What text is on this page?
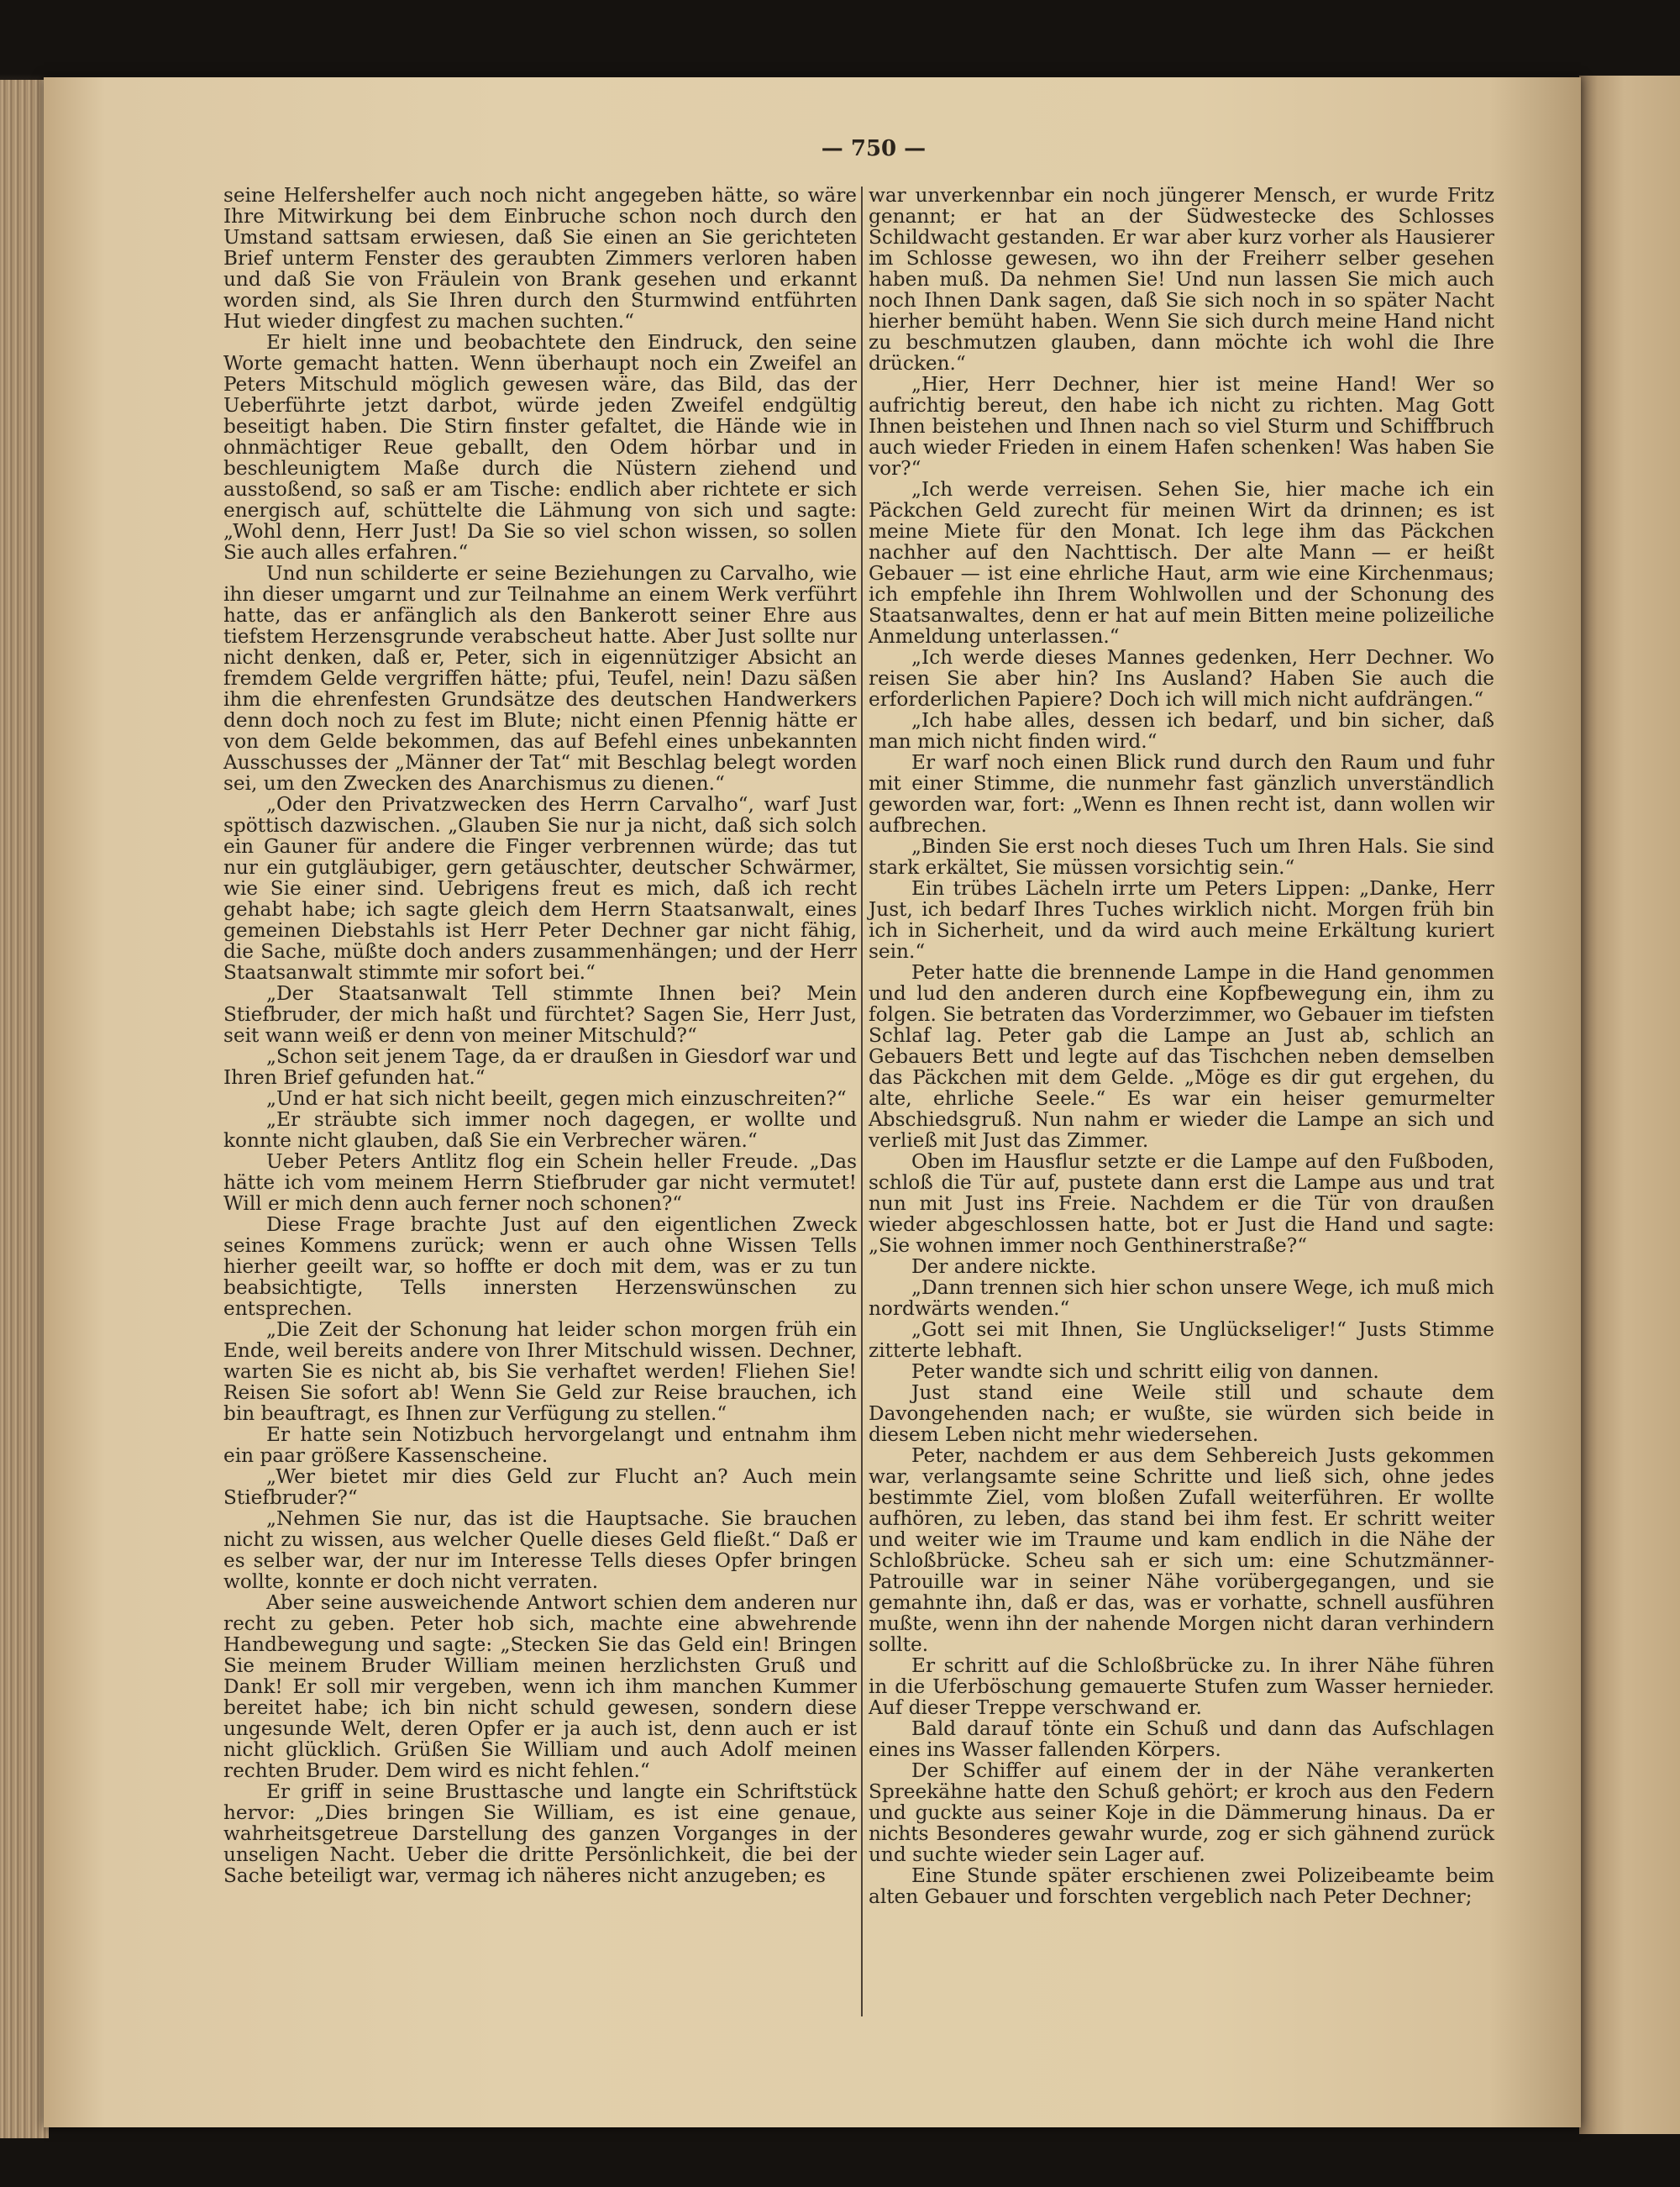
— 750 —

seine Helfershelfer auch noch nicht angegeben hätte, so wäre Ihre Mitwirkung bei dem Einbruche schon noch durch den Umstand sattsam erwiesen, daß Sie einen an Sie gerichteten Brief unterm Fenster des geraubten Zimmers verloren haben und daß Sie von Fräulein von Brank gesehen und erkannt worden sind, als Sie Ihren durch den Sturmwind entführten Hut wieder dingfest zu machen suchten.“

Er hielt inne und beobachtete den Eindruck, den seine Worte gemacht hatten. Wenn überhaupt noch ein Zweifel an Peters Mitschuld möglich gewesen wäre, das Bild, das der Ueberführte jetzt darbot, würde jeden Zweifel endgültig beseitigt haben. Die Stirn finster gefaltet, die Hände wie in ohnmächtiger Reue geballt, den Odem hörbar und in beschleunigtem Maße durch die Nüstern ziehend und ausstoßend, so saß er am Tische: endlich aber richtete er sich energisch auf, schüttelte die Lähmung von sich und sagte: „Wohl denn, Herr Just! Da Sie so viel schon wissen, so sollen Sie auch alles erfahren.“

Und nun schilderte er seine Beziehungen zu Carvalho, wie ihn dieser umgarnt und zur Teilnahme an einem Werk verführt hatte, das er anfänglich als den Bankerott seiner Ehre aus tiefstem Herzensgrunde verabscheut hatte. Aber Just sollte nur nicht denken, daß er, Peter, sich in eigennütziger Absicht an fremdem Gelde vergriffen hätte; pfui, Teufel, nein! Dazu säßen ihm die ehrenfesten Grundsätze des deutschen Handwerkers denn doch noch zu fest im Blute; nicht einen Pfennig hätte er von dem Gelde bekommen, das auf Befehl eines unbekannten Ausschusses der „Männer der Tat“ mit Beschlag belegt worden sei, um den Zwecken des Anarchismus zu dienen.“

„Oder den Privatzwecken des Herrn Carvalho“, warf Just spöttisch dazwischen. „Glauben Sie nur ja nicht, daß sich solch ein Gauner für andere die Finger verbrennen würde; das tut nur ein gutgläubiger, gern getäuschter, deutscher Schwärmer, wie Sie einer sind. Uebrigens freut es mich, daß ich recht gehabt habe; ich sagte gleich dem Herrn Staatsanwalt, eines gemeinen Diebstahls ist Herr Peter Dechner gar nicht fähig, die Sache, müßte doch anders zusammenhängen; und der Herr Staatsanwalt stimmte mir sofort bei.“

„Der Staatsanwalt Tell stimmte Ihnen bei? Mein Stiefbruder, der mich haßt und fürchtet? Sagen Sie, Herr Just, seit wann weiß er denn von meiner Mitschuld?“

„Schon seit jenem Tage, da er draußen in Giesdorf war und Ihren Brief gefunden hat.“

„Und er hat sich nicht beeilt, gegen mich einzuschreiten?“

„Er sträubte sich immer noch dagegen, er wollte und konnte nicht glauben, daß Sie ein Verbrecher wären.“

Ueber Peters Antlitz flog ein Schein heller Freude. „Das hätte ich vom meinem Herrn Stiefbruder gar nicht vermutet! Will er mich denn auch ferner noch schonen?“

Diese Frage brachte Just auf den eigentlichen Zweck seines Kommens zurück; wenn er auch ohne Wissen Tells hierher geeilt war, so hoffte er doch mit dem, was er zu tun beabsichtigte, Tells innersten Herzenswünschen zu entsprechen.

„Die Zeit der Schonung hat leider schon morgen früh ein Ende, weil bereits andere von Ihrer Mitschuld wissen. Dechner, warten Sie es nicht ab, bis Sie verhaftet werden! Fliehen Sie! Reisen Sie sofort ab! Wenn Sie Geld zur Reise brauchen, ich bin beauftragt, es Ihnen zur Verfügung zu stellen.“

Er hatte sein Notizbuch hervorgelangt und entnahm ihm ein paar größere Kassenscheine.

„Wer bietet mir dies Geld zur Flucht an? Auch mein Stiefbruder?“

„Nehmen Sie nur, das ist die Hauptsache. Sie brauchen nicht zu wissen, aus welcher Quelle dieses Geld fließt.“ Daß er es selber war, der nur im Interesse Tells dieses Opfer bringen wollte, konnte er doch nicht verraten.

Aber seine ausweichende Antwort schien dem anderen nur recht zu geben. Peter hob sich, machte eine abwehrende Handbewegung und sagte: „Stecken Sie das Geld ein! Bringen Sie meinem Bruder William meinen herzlichsten Gruß und Dank! Er soll mir vergeben, wenn ich ihm manchen Kummer bereitet habe; ich bin nicht schuld gewesen, sondern diese ungesunde Welt, deren Opfer er ja auch ist, denn auch er ist nicht glücklich. Grüßen Sie William und auch Adolf meinen rechten Bruder. Dem wird es nicht fehlen.“

Er griff in seine Brusttasche und langte ein Schriftstück hervor: „Dies bringen Sie William, es ist eine genaue, wahrheitsgetreue Darstellung des ganzen Vorganges in der unseligen Nacht. Ueber die dritte Persönlichkeit, die bei der Sache beteiligt war, vermag ich näheres nicht anzugeben; es

war unverkennbar ein noch jüngerer Mensch, er wurde Fritz genannt; er hat an der Südwestecke des Schlosses Schildwacht gestanden. Er war aber kurz vorher als Hausierer im Schlosse gewesen, wo ihn der Freiherr selber gesehen haben muß. Da nehmen Sie! Und nun lassen Sie mich auch noch Ihnen Dank sagen, daß Sie sich noch in so später Nacht hierher bemüht haben. Wenn Sie sich durch meine Hand nicht zu beschmutzen glauben, dann möchte ich wohl die Ihre drücken.“

„Hier, Herr Dechner, hier ist meine Hand! Wer so aufrichtig bereut, den habe ich nicht zu richten. Mag Gott Ihnen beistehen und Ihnen nach so viel Sturm und Schiffbruch auch wieder Frieden in einem Hafen schenken! Was haben Sie vor?“

„Ich werde verreisen. Sehen Sie, hier mache ich ein Päckchen Geld zurecht für meinen Wirt da drinnen; es ist meine Miete für den Monat. Ich lege ihm das Päckchen nachher auf den Nachttisch. Der alte Mann — er heißt Gebauer — ist eine ehrliche Haut, arm wie eine Kirchenmaus; ich empfehle ihn Ihrem Wohlwollen und der Schonung des Staatsanwaltes, denn er hat auf mein Bitten meine polizeiliche Anmeldung unterlassen.“

„Ich werde dieses Mannes gedenken, Herr Dechner. Wo reisen Sie aber hin? Ins Ausland? Haben Sie auch die erforderlichen Papiere? Doch ich will mich nicht aufdrängen.“

„Ich habe alles, dessen ich bedarf, und bin sicher, daß man mich nicht finden wird.“

Er warf noch einen Blick rund durch den Raum und fuhr mit einer Stimme, die nunmehr fast gänzlich unverständlich geworden war, fort: „Wenn es Ihnen recht ist, dann wollen wir aufbrechen.

„Binden Sie erst noch dieses Tuch um Ihren Hals. Sie sind stark erkältet, Sie müssen vorsichtig sein.“

Ein trübes Lächeln irrte um Peters Lippen: „Danke, Herr Just, ich bedarf Ihres Tuches wirklich nicht. Morgen früh bin ich in Sicherheit, und da wird auch meine Erkältung kuriert sein.“

Peter hatte die brennende Lampe in die Hand genommen und lud den anderen durch eine Kopfbewegung ein, ihm zu folgen. Sie betraten das Vorderzimmer, wo Gebauer im tiefsten Schlaf lag. Peter gab die Lampe an Just ab, schlich an Gebauers Bett und legte auf das Tischchen neben demselben das Päckchen mit dem Gelde. „Möge es dir gut ergehen, du alte, ehrliche Seele.“ Es war ein heiser gemurmelter Abschiedsgruß. Nun nahm er wieder die Lampe an sich und verließ mit Just das Zimmer.

Oben im Hausflur setzte er die Lampe auf den Fußboden, schloß die Tür auf, pustete dann erst die Lampe aus und trat nun mit Just ins Freie. Nachdem er die Tür von draußen wieder abgeschlossen hatte, bot er Just die Hand und sagte: „Sie wohnen immer noch Genthinerstraße?“

Der andere nickte.

„Dann trennen sich hier schon unsere Wege, ich muß mich nordwärts wenden.“

„Gott sei mit Ihnen, Sie Unglückseliger!“ Justs Stimme zitterte lebhaft.

Peter wandte sich und schritt eilig von dannen.

Just stand eine Weile still und schaute dem Davongehenden nach; er wußte, sie würden sich beide in diesem Leben nicht mehr wiedersehen.

Peter, nachdem er aus dem Sehbereich Justs gekommen war, verlangsamte seine Schritte und ließ sich, ohne jedes bestimmte Ziel, vom bloßen Zufall weiterführen. Er wollte aufhören, zu leben, das stand bei ihm fest. Er schritt weiter und weiter wie im Traume und kam endlich in die Nähe der Schloßbrücke. Scheu sah er sich um: eine Schutzmänner-Patrouille war in seiner Nähe vorübergegangen, und sie gemahnte ihn, daß er das, was er vorhatte, schnell ausführen mußte, wenn ihn der nahende Morgen nicht daran verhindern sollte.

Er schritt auf die Schloßbrücke zu. In ihrer Nähe führen in die Uferböschung gemauerte Stufen zum Wasser hernieder. Auf dieser Treppe verschwand er.

Bald darauf tönte ein Schuß und dann das Aufschlagen eines ins Wasser fallenden Körpers.

Der Schiffer auf einem der in der Nähe verankerten Spreekähne hatte den Schuß gehört; er kroch aus den Federn und guckte aus seiner Koje in die Dämmerung hinaus. Da er nichts Besonderes gewahr wurde, zog er sich gähnend zurück und suchte wieder sein Lager auf.

Eine Stunde später erschienen zwei Polizeibeamte beim alten Gebauer und forschten vergeblich nach Peter Dechner;
